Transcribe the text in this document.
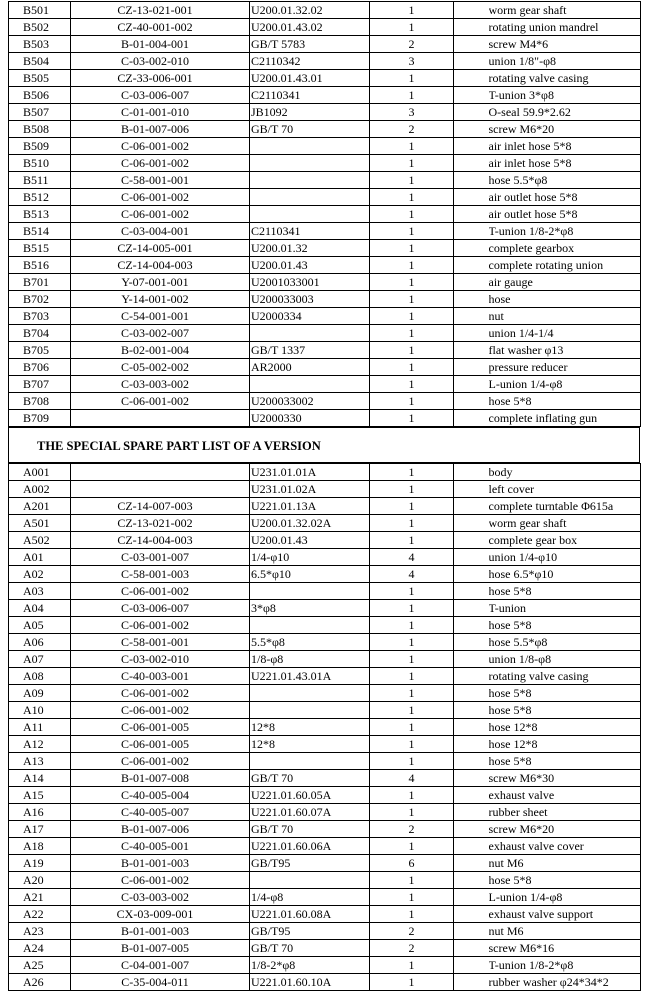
B501	CZ-13-021-001	U200.01.32.02	1		worm gear shaft
B502	CZ-40-001-002	U200.01.43.02	1		rotating union mandrel
B503	B-01-004-001	GB/T 5783	2		screw M4*6
B504	C-03-002-010	C2110342	3		union 1/8"-φ8
B505	CZ-33-006-001	U200.01.43.01	1		rotating valve casing
B506	C-03-006-007	C2110341	1		T-union 3*φ8
B507	C-01-001-010	JB1092	3		O-seal 59.9*2.62
B508	B-01-007-006	GB/T 70	2		screw M6*20
B509	C-06-001-002		1		air inlet hose 5*8
B510	C-06-001-002		1		air inlet hose 5*8
B511	C-58-001-001		1		hose 5.5*φ8
B512	C-06-001-002		1		air outlet hose 5*8
B513	C-06-001-002		1		air outlet hose 5*8
B514	C-03-004-001	C2110341	1		T-union 1/8-2*φ8
B515	CZ-14-005-001	U200.01.32	1		complete gearbox
B516	CZ-14-004-003	U200.01.43	1		complete rotating union
B701	Y-07-001-001	U2001033001	1		air gauge
B702	Y-14-001-002	U200033003	1		hose
B703	C-54-001-001	U2000334	1		nut
B704	C-03-002-007		1		union 1/4-1/4
B705	B-02-001-004	GB/T 1337	1		flat washer φ13
B706	C-05-002-002	AR2000	1		pressure reducer
B707	C-03-003-002		1		L-union 1/4-φ8
B708	C-06-001-002	U200033002	1		hose 5*8
B709		U2000330	1		complete inflating gun
THE SPECIAL SPARE PART LIST OF A VERSION
A001		U231.01.01A	1		body
A002		U231.01.02A	1		left cover
A201	CZ-14-007-003	U221.01.13A	1		complete turntable Φ615a
A501	CZ-13-021-002	U200.01.32.02A	1		worm gear shaft
A502	CZ-14-004-003	U200.01.43	1		complete gear box
A01	C-03-001-007	1/4-φ10	4		union 1/4-φ10
A02	C-58-001-003	6.5*φ10	4		hose 6.5*φ10
A03	C-06-001-002		1		hose 5*8
A04	C-03-006-007	3*φ8	1		T-union
A05	C-06-001-002		1		hose 5*8
A06	C-58-001-001	5.5*φ8	1		hose 5.5*φ8
A07	C-03-002-010	1/8-φ8	1		union 1/8-φ8
A08	C-40-003-001	U221.01.43.01A	1		rotating valve casing
A09	C-06-001-002		1		hose 5*8
A10	C-06-001-002		1		hose 5*8
A11	C-06-001-005	12*8	1		hose 12*8
A12	C-06-001-005	12*8	1		hose 12*8
A13	C-06-001-002		1		hose 5*8
A14	B-01-007-008	GB/T 70	4		screw M6*30
A15	C-40-005-004	U221.01.60.05A	1		exhaust valve
A16	C-40-005-007	U221.01.60.07A	1		rubber sheet
A17	B-01-007-006	GB/T 70	2		screw M6*20
A18	C-40-005-001	U221.01.60.06A	1		exhaust valve cover
A19	B-01-001-003	GB/T95	6		nut M6
A20	C-06-001-002		1		hose 5*8
A21	C-03-003-002	1/4-φ8	1		L-union 1/4-φ8
A22	CX-03-009-001	U221.01.60.08A	1		exhaust valve support
A23	B-01-001-003	GB/T95	2		nut M6
A24	B-01-007-005	GB/T 70	2		screw M6*16
A25	C-04-001-007	1/8-2*φ8	1		T-union 1/8-2*φ8
A26	C-35-004-011	U221.01.60.10A	1		rubber washer φ24*34*2
